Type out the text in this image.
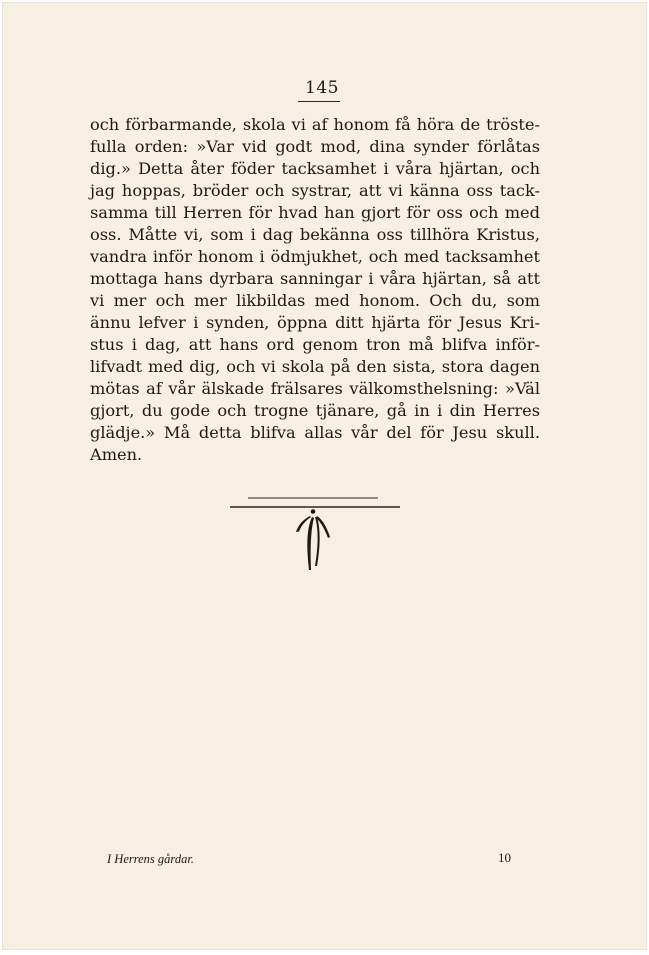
145
och förbarmande, skola vi af honom få höra de tröste-
fulla orden: »Var vid godt mod, dina synder förlåtas
dig.» Detta åter föder tacksamhet i våra hjärtan, och
jag hoppas, bröder och systrar, att vi känna oss tack-
samma till Herren för hvad han gjort för oss och med
oss. Måtte vi, som i dag bekänna oss tillhöra Kristus,
vandra inför honom i ödmjukhet, och med tacksamhet
mottaga hans dyrbara sanningar i våra hjärtan, så att
vi mer och mer likbildas med honom. Och du, som
ännu lefver i synden, öppna ditt hjärta för Jesus Kri-
stus i dag, att hans ord genom tron må blifva inför-
lifvadt med dig, och vi skola på den sista, stora dagen
mötas af vår älskade frälsares välkomsthelsning: »Väl
gjort, du gode och trogne tjänare, gå in i din Herres
glädje.» Må detta blifva allas vår del för Jesu skull.
Amen.
I Herrens gårdar.	10
